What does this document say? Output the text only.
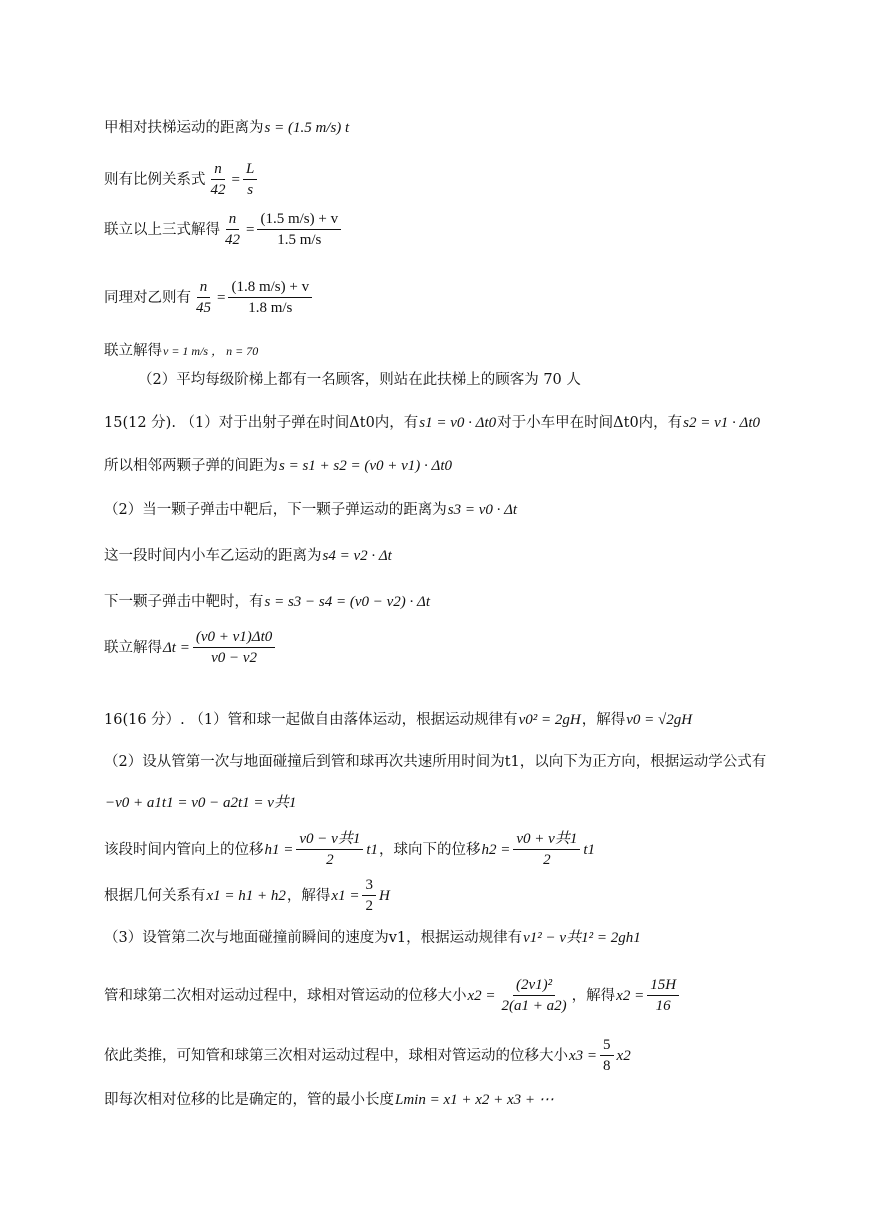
甲相对扶梯运动的距离为 s = (1.5 m/s) t
则有比例关系式 $\frac{n}{42} = \frac{L}{s}$
联立以上三式解得 $\frac{n}{42} = \frac{(1.5 m/s) + v}{1.5 m/s}$
同理对乙则有 $\frac{n}{45} = \frac{(1.8 m/s) + v}{1.8 m/s}$
联立解得 v = 1 m/s ， n = 70
（2）平均每级阶梯上都有一名顾客，则站在此扶梯上的顾客为 70 人
15(12 分). （1）对于出射子弹在时间Δt0内，有 s1 = v0 · Δt0 对于小车甲在时间Δt0内，有 s2 = v1 · Δt0
所以相邻两颗子弹的间距为 s = s1 + s2 = (v0 + v1) · Δt0
（2）当一颗子弹击中靶后，下一颗子弹运动的距离为 s3 = v0 · Δt
这一段时间内小车乙运动的距离为 s4 = v2 · Δt
下一颗子弹击中靶时，有 s = s3 − s4 = (v0 − v2) · Δt
联立解得 $\Delta t = \frac{(v0 + v1)\Delta t0}{v0 - v2}$
16(16 分）. （1）管和球一起做自由落体运动，根据运动规律有 v0² = 2gH ，解得 v0 = √2gH
（2）设从管第一次与地面碰撞后到管和球再次共速所用时间为t1，以向下为正方向，根据运动学公式有
−v0 + a1t1 = v0 − a2t1 = v共1
该段时间内管向上的位移 $h1 = \frac{\text{v0 − v共1}}{2} t1$ ，球向下的位移 $h2 = \frac{\text{v0 + v共1}}{2} t1$
根据几何关系有 x1 = h1 + h2 ，解得 $x1 = \frac{3}{2}$ H
（3）设管第二次与地面碰撞前瞬间的速度为v1，根据运动规律有 v1² − v共1² = 2gh1
管和球第二次相对运动过程中，球相对管运动的位移大小 $x2 = \frac{\text{(2v1)²}}{2(a1 + a2)}$ ，解得 $x2 = \frac{15H}{16}$
依此类推，可知管和球第三次相对运动过程中，球相对管运动的位移大小 $x3 = \frac{5}{8} x2$
即每次相对位移的比是确定的，管的最小长度 Lmin = x1 + x2 + x3 + ⋯
